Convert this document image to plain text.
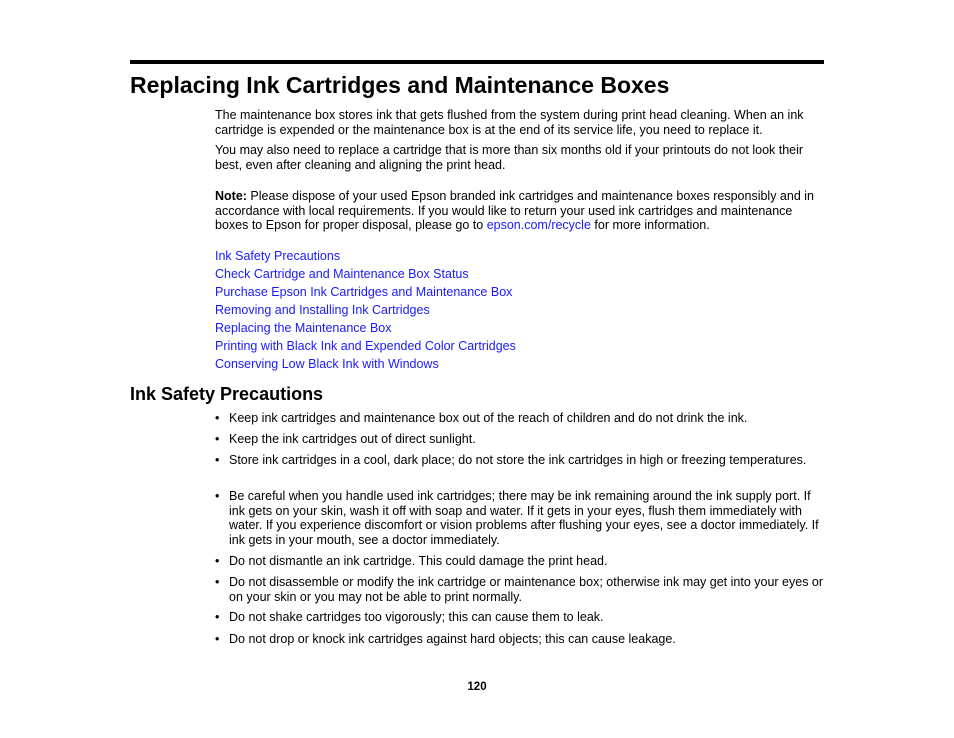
Replacing Ink Cartridges and Maintenance Boxes

The maintenance box stores ink that gets flushed from the system during print head cleaning. When an ink cartridge is expended or the maintenance box is at the end of its service life, you need to replace it.

You may also need to replace a cartridge that is more than six months old if your printouts do not look their best, even after cleaning and aligning the print head.

Note: Please dispose of your used Epson branded ink cartridges and maintenance boxes responsibly and in accordance with local requirements. If you would like to return your used ink cartridges and maintenance boxes to Epson for proper disposal, please go to epson.com/recycle for more information.

Ink Safety Precautions
Check Cartridge and Maintenance Box Status
Purchase Epson Ink Cartridges and Maintenance Box
Removing and Installing Ink Cartridges
Replacing the Maintenance Box
Printing with Black Ink and Expended Color Cartridges
Conserving Low Black Ink with Windows
Ink Safety Precautions
• Keep ink cartridges and maintenance box out of the reach of children and do not drink the ink.
• Keep the ink cartridges out of direct sunlight.
• Store ink cartridges in a cool, dark place; do not store the ink cartridges in high or freezing temperatures.
• Be careful when you handle used ink cartridges; there may be ink remaining around the ink supply port. If ink gets on your skin, wash it off with soap and water. If it gets in your eyes, flush them immediately with water. If you experience discomfort or vision problems after flushing your eyes, see a doctor immediately. If ink gets in your mouth, see a doctor immediately.
• Do not dismantle an ink cartridge. This could damage the print head.
• Do not disassemble or modify the ink cartridge or maintenance box; otherwise ink may get into your eyes or on your skin or you may not be able to print normally.
• Do not shake cartridges too vigorously; this can cause them to leak.
• Do not drop or knock ink cartridges against hard objects; this can cause leakage.
120
